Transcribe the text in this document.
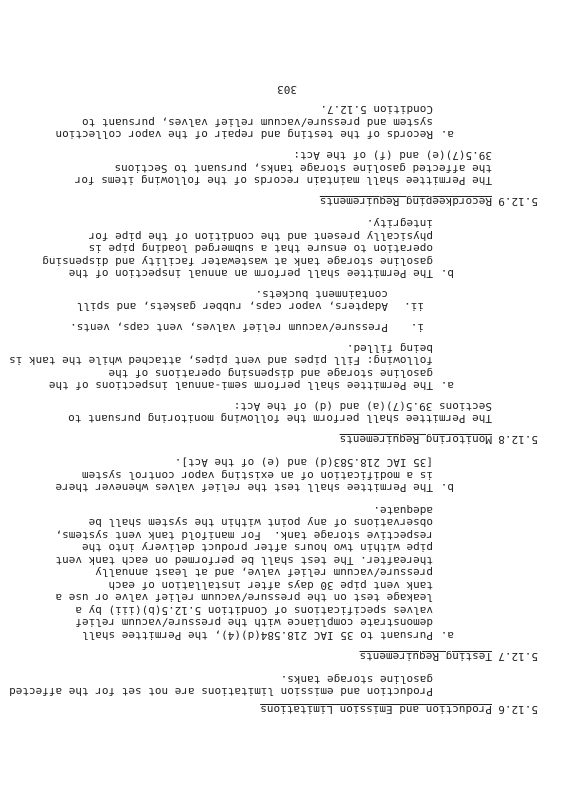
5.12.6
Production and Emission Limitations
Production and emission limitations are not set for the affected
gasoline storage tanks.
5.12.7
Testing Requirements
a.
Pursuant to 35 IAC 218.584(d)(4), the Permittee shall
demonstrate compliance with the pressure/vacuum relief
valves specifications of Condition 5.12.5(b)(iii) by a
leakage test on the pressure/vacuum relief valve or use a
tank vent pipe 30 days after installation of each
pressure/vacuum relief valve, and at least annually
thereafter. The test shall be performed on each tank vent
pipe within two hours after product delivery into the
respective storage tank.  For manifold tank vent systems,
observations of any point within the system shall be
adequate.
b.
The Permittee shall test the relief valves whenever there
is a modification of an existing vapor control system
[35 IAC 218.583(d) and (e) of the Act].
5.12.8
Monitoring Requirements
The Permittee shall perform the following monitoring pursuant to
Sections 39.5(7)(a) and (d) of the Act:
a.
The Permittee shall perform semi-annual inspections of the
gasoline storage and dispensing operations of the
following: Fill pipes and vent pipes, attached while the tank is
being filled.
i.
Pressure/vacuum relief valves, vent caps, vents.
ii.
Adapters, vapor caps, rubber gaskets, and spill
containment buckets.
b.
The Permittee shall perform an annual inspection of the
gasoline storage tank at wastewater facility and dispensing
operation to ensure that a submerged loading pipe is
physically present and the condition of the pipe for
integrity.
5.12.9
Recordkeeping Requirements
The Permittee shall maintain records of the following items for
the affected gasoline storage tanks, pursuant to Sections
39.5(7)(e) and (f) of the Act:
a.
Records of the testing and repair of the vapor collection
system and pressure/vacuum relief valves, pursuant to
Condition 5.12.7.
303
